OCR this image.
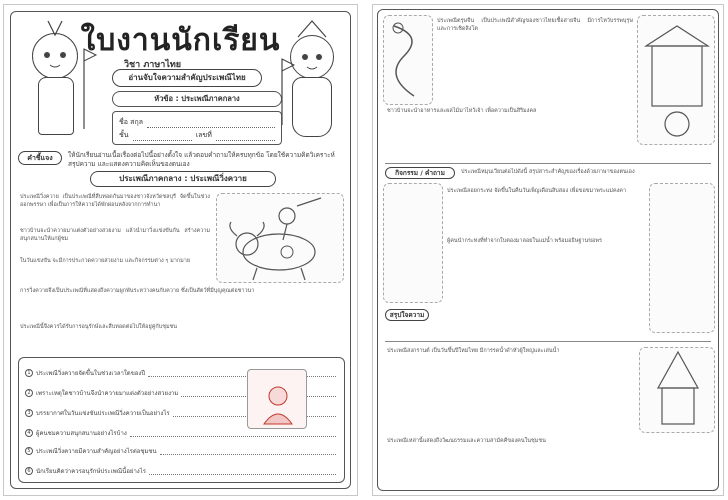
ใบงานนักเรียน
วิชา ภาษาไทย
อ่านจับใจความสำคัญประเพณีไทย
หัวข้อ : ประเพณีภาคกลาง
ชื่อ สกุล
ชั้น	เลขที่
คำชี้แจง	ให้นักเรียนอ่านเนื้อเรื่องต่อไปนี้อย่างตั้งใจ แล้วตอบคำถามให้ครบทุกข้อ โดยใช้ความคิดวิเคราะห์ สรุปความ และแสดงความคิดเห็นของตนเอง
ประเพณีภาคกลาง : ประเพณีวิ่งควาย
ประเพณีวิ่งควาย เป็นประเพณีที่สืบทอดกันมาของชาวจังหวัดชลบุรี จัดขึ้นในช่วงออกพรรษา เพื่อเป็นการให้ควายได้พักผ่อนหลังจากการทำนา
ชาวบ้านจะนำควายมาแต่งตัวอย่างสวยงาม แล้วนำมาวิ่งแข่งขันกัน สร้างความสนุกสนานให้แก่ผู้ชม
ในวันแข่งขัน จะมีการประกวดควายสวยงาม และกิจกรรมต่าง ๆ มากมาย
การวิ่งควายจึงเป็นประเพณีที่แสดงถึงความผูกพันระหว่างคนกับควาย ซึ่งเป็นสัตว์ที่มีบุญคุณต่อชาวนา
ประเพณีนี้จึงควรได้รับการอนุรักษ์และสืบทอดต่อไปให้อยู่คู่กับชุมชน
1 ประเพณีวิ่งควายจัดขึ้นในช่วงเวลาใดของปี
2 เพราะเหตุใดชาวบ้านจึงนำควายมาแต่งตัวอย่างสวยงาม
3 บรรยากาศในวันแข่งขันประเพณีวิ่งควายเป็นอย่างไร
4 ผู้คนชมความสนุกสนานอย่างไรบ้าง
5 ประเพณีวิ่งควายมีความสำคัญอย่างไรต่อชุมชน
6 นักเรียนคิดว่าควรอนุรักษ์ประเพณีนี้อย่างไร
ประเพณีตรุษจีน เป็นประเพณีสำคัญของชาวไทยเชื้อสายจีน มีการไหว้บรรพบุรุษ และการเชิดสิงโต
ชาวบ้านจะนำอาหารและผลไม้มาไหว้เจ้า เพื่อความเป็นสิริมงคล
กิจกรรม / คำถาม	ประเพณีหมุนเวียนต่อไปดังนี้ สรุปสาระสำคัญของเรื่องด้วยภาษาของตนเอง
ประเพณีลอยกระทง จัดขึ้นในคืนวันเพ็ญเดือนสิบสอง เพื่อขอขมาพระแม่คงคา
ผู้คนนำกระทงที่ทำจากใบตองมาลอยในแม่น้ำ พร้อมอธิษฐานขอพร
สรุปใจความ
ประเพณีสงกรานต์ เป็นวันขึ้นปีใหม่ไทย มีการรดน้ำดำหัวผู้ใหญ่และเล่นน้ำ
ประเพณีเหล่านี้แสดงถึงวัฒนธรรมและความสามัคคีของคนในชุมชน
